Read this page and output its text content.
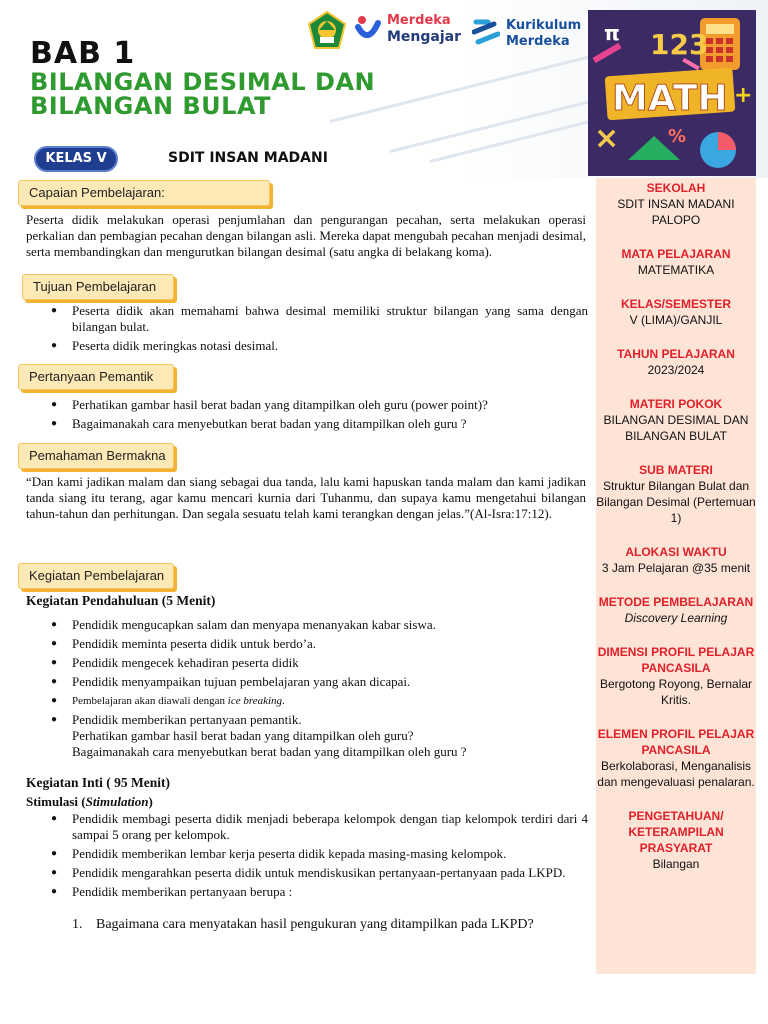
BAB 1
BILANGAN DESIMAL DAN
BILANGAN BULAT
Merdeka
Mengajar
Kurikulum
Merdeka	123
π
MATH
×
+
%
KELAS V	SDIT INSAN MADANI
SEKOLAH
SDIT INSAN MADANI PALOPO
MATA PELAJARAN
MATEMATIKA
KELAS/SEMESTER
V (LIMA)/GANJIL
TAHUN PELAJARAN
2023/2024
MATERI POKOK
BILANGAN DESIMAL DAN BILANGAN BULAT
SUB MATERI
Struktur Bilangan Bulat dan Bilangan Desimal (Pertemuan 1)
ALOKASI WAKTU
3 Jam Pelajaran @35 menit
METODE PEMBELAJARAN
Discovery Learning
DIMENSI PROFIL PELAJAR PANCASILA
Bergotong Royong, Bernalar Kritis.
ELEMEN PROFIL PELAJAR PANCASILA
Berkolaborasi, Menganalisis dan mengevaluasi penalaran.
PENGETAHUAN/ KETERAMPILAN PRASYARAT
Bilangan
Capaian Pembelajaran:
Peserta didik melakukan operasi penjumlahan dan pengurangan pecahan, serta melakukan operasi perkalian dan pembagian pecahan dengan bilangan asli. Mereka dapat mengubah pecahan menjadi desimal, serta membandingkan dan mengurutkan bilangan desimal (satu angka di belakang koma).
Tujuan Pembelajaran
● Peserta didik akan memahami bahwa desimal memiliki struktur bilangan yang sama dengan bilangan bulat.
● Peserta didik meringkas notasi desimal.
Pertanyaan Pemantik
● Perhatikan gambar hasil berat badan yang ditampilkan oleh guru (power point)?
● Bagaimanakah cara menyebutkan berat badan yang ditampilkan oleh guru ?
Pemahaman Bermakna
“Dan kami jadikan malam dan siang sebagai dua tanda, lalu kami hapuskan tanda malam dan kami jadikan tanda siang itu terang, agar kamu mencari kurnia dari Tuhanmu, dan supaya kamu mengetahui bilangan tahun-tahun dan perhitungan. Dan segala sesuatu telah kami terangkan dengan jelas.”(Al-Isra:17:12).
Kegiatan Pembelajaran
Kegiatan Pendahuluan (5 Menit)
● Pendidik mengucapkan salam dan menyapa menanyakan kabar siswa.
● Pendidik meminta peserta didik untuk berdo’a.
● Pendidik mengecek kehadiran peserta didik
● Pendidik menyampaikan tujuan pembelajaran yang akan dicapai.
● Pembelajaran akan diawali dengan ice breaking.
● Pendidik memberikan pertanyaan pemantik.
Perhatikan gambar hasil berat badan yang ditampilkan oleh guru?
Bagaimanakah cara menyebutkan berat badan yang ditampilkan oleh guru ?
Kegiatan Inti ( 95 Menit)
Stimulasi (Stimulation)
● Pendidik membagi peserta didik menjadi beberapa kelompok dengan tiap kelompok terdiri dari 4 sampai 5 orang per kelompok.
● Pendidik memberikan lembar kerja peserta didik kepada masing-masing kelompok.
● Pendidik mengarahkan peserta didik untuk mendiskusikan pertanyaan-pertanyaan pada LKPD.
● Pendidik memberikan pertanyaan berupa :
1. Bagaimana cara menyatakan hasil pengukuran yang ditampilkan pada LKPD?
